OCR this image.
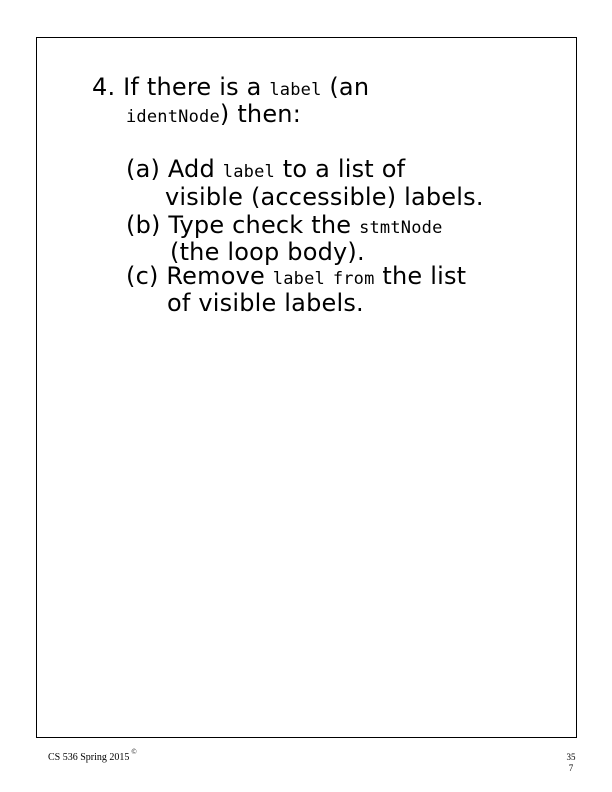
4. If there is a label (an
identNode) then:
(a) Add label to a list of
visible (accessible) labels.
(b) Type check the stmtNode
(the loop body).
(c) Remove label from the list
of visible labels.
CS 536 Spring 2015 ©	35
7
